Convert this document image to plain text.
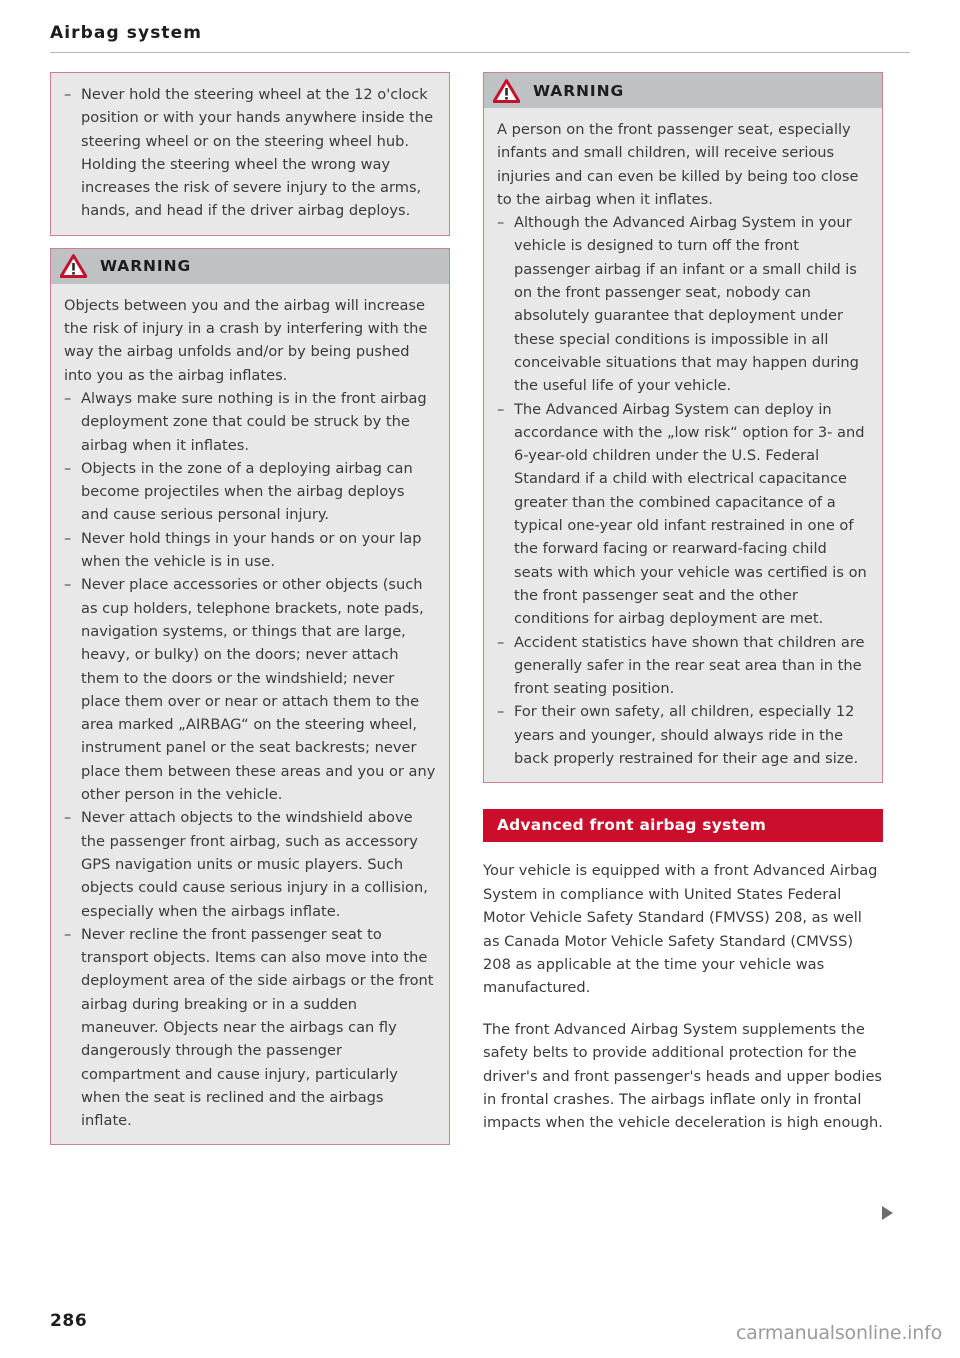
Airbag system
– Never hold the steering wheel at the 12 o'clock position or with your hands anywhere inside the steering wheel or on the steering wheel hub. Holding the steering wheel the wrong way increases the risk of severe injury to the arms, hands, and head if the driver airbag deploys.
WARNING

Objects between you and the airbag will increase the risk of injury in a crash by interfering with the way the airbag unfolds and/or by being pushed into you as the airbag inflates.

– Always make sure nothing is in the front airbag deployment zone that could be struck by the airbag when it inflates.
– Objects in the zone of a deploying airbag can become projectiles when the airbag deploys and cause serious personal injury.
– Never hold things in your hands or on your lap when the vehicle is in use.
– Never place accessories or other objects (such as cup holders, telephone brackets, note pads, navigation systems, or things that are large, heavy, or bulky) on the doors; never attach them to the doors or the windshield; never place them over or near or attach them to the area marked „AIRBAG“ on the steering wheel, instrument panel or the seat backrests; never place them between these areas and you or any other person in the vehicle.
– Never attach objects to the windshield above the passenger front airbag, such as accessory GPS navigation units or music players. Such objects could cause serious injury in a collision, especially when the airbags inflate.
– Never recline the front passenger seat to transport objects. Items can also move into the deployment area of the side airbags or the front airbag during breaking or in a sudden maneuver. Objects near the airbags can fly dangerously through the passenger compartment and cause injury, particularly when the seat is reclined and the airbags inflate.
WARNING

A person on the front passenger seat, especially infants and small children, will receive serious injuries and can even be killed by being too close to the airbag when it inflates.

– Although the Advanced Airbag System in your vehicle is designed to turn off the front passenger airbag if an infant or a small child is on the front passenger seat, nobody can absolutely guarantee that deployment under these special conditions is impossible in all conceivable situations that may happen during the useful life of your vehicle.
– The Advanced Airbag System can deploy in accordance with the „low risk“ option for 3- and 6-year-old children under the U.S. Federal Standard if a child with electrical capacitance greater than the combined capacitance of a typical one-year old infant restrained in one of the forward facing or rearward-facing child seats with which your vehicle was certified is on the front passenger seat and the other conditions for airbag deployment are met.
– Accident statistics have shown that children are generally safer in the rear seat area than in the front seating position.
– For their own safety, all children, especially 12 years and younger, should always ride in the back properly restrained for their age and size.
Advanced front airbag system

Your vehicle is equipped with a front Advanced Airbag System in compliance with United States Federal Motor Vehicle Safety Standard (FMVSS) 208, as well as Canada Motor Vehicle Safety Standard (CMVSS) 208 as applicable at the time your vehicle was manufactured.

The front Advanced Airbag System supplements the safety belts to provide additional protection for the driver's and front passenger's heads and upper bodies in frontal crashes. The airbags inflate only in frontal impacts when the vehicle deceleration is high enough.

286
carmanualsonline.info
